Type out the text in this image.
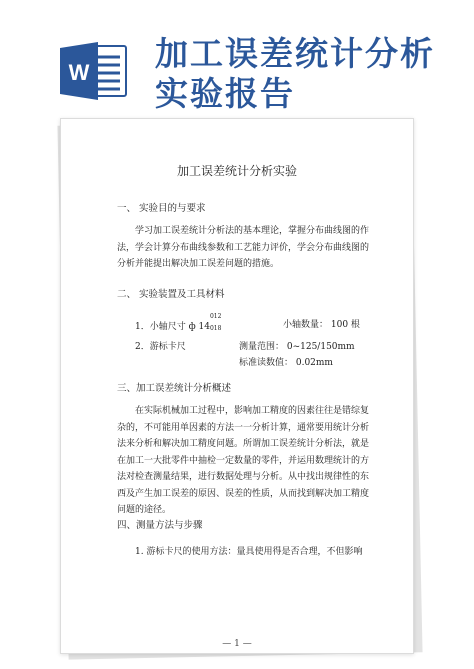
W 加工误差统计分析
实验报告
加工误差统计分析实验
一、 实验目的与要求
学习加工误差统计分析法的基本理论，掌握分布曲线图的作
法，学会计算分布曲线参数和工艺能力评价，学会分布曲线图的
分析并能提出解决加工误差问题的措施。
二、 实验装置及工具材料
1．小轴尺寸 ф 14
012
018	小轴数量： 100 根
2．游标卡尺	测量范围： 0~125/150mm
标准读数值： 0.02mm
三、加工误差统计分析概述
在实际机械加工过程中，影响加工精度的因素往往是错综复
杂的，不可能用单因素的方法一一分析计算，通常要用统计分析
法来分析和解决加工精度问题。所谓加工误差统计分析法，就是
在加工一大批零件中抽检一定数量的零件，并运用数理统计的方
法对检查测量结果，进行数据处理与分析。从中找出规律性的东
西及产生加工误差的原因、误差的性质，从而找到解决加工精度
问题的途径。
四、测量方法与步骤
1. 游标卡尺的使用方法：量具使用得是否合理，不但影响
— 1 —
